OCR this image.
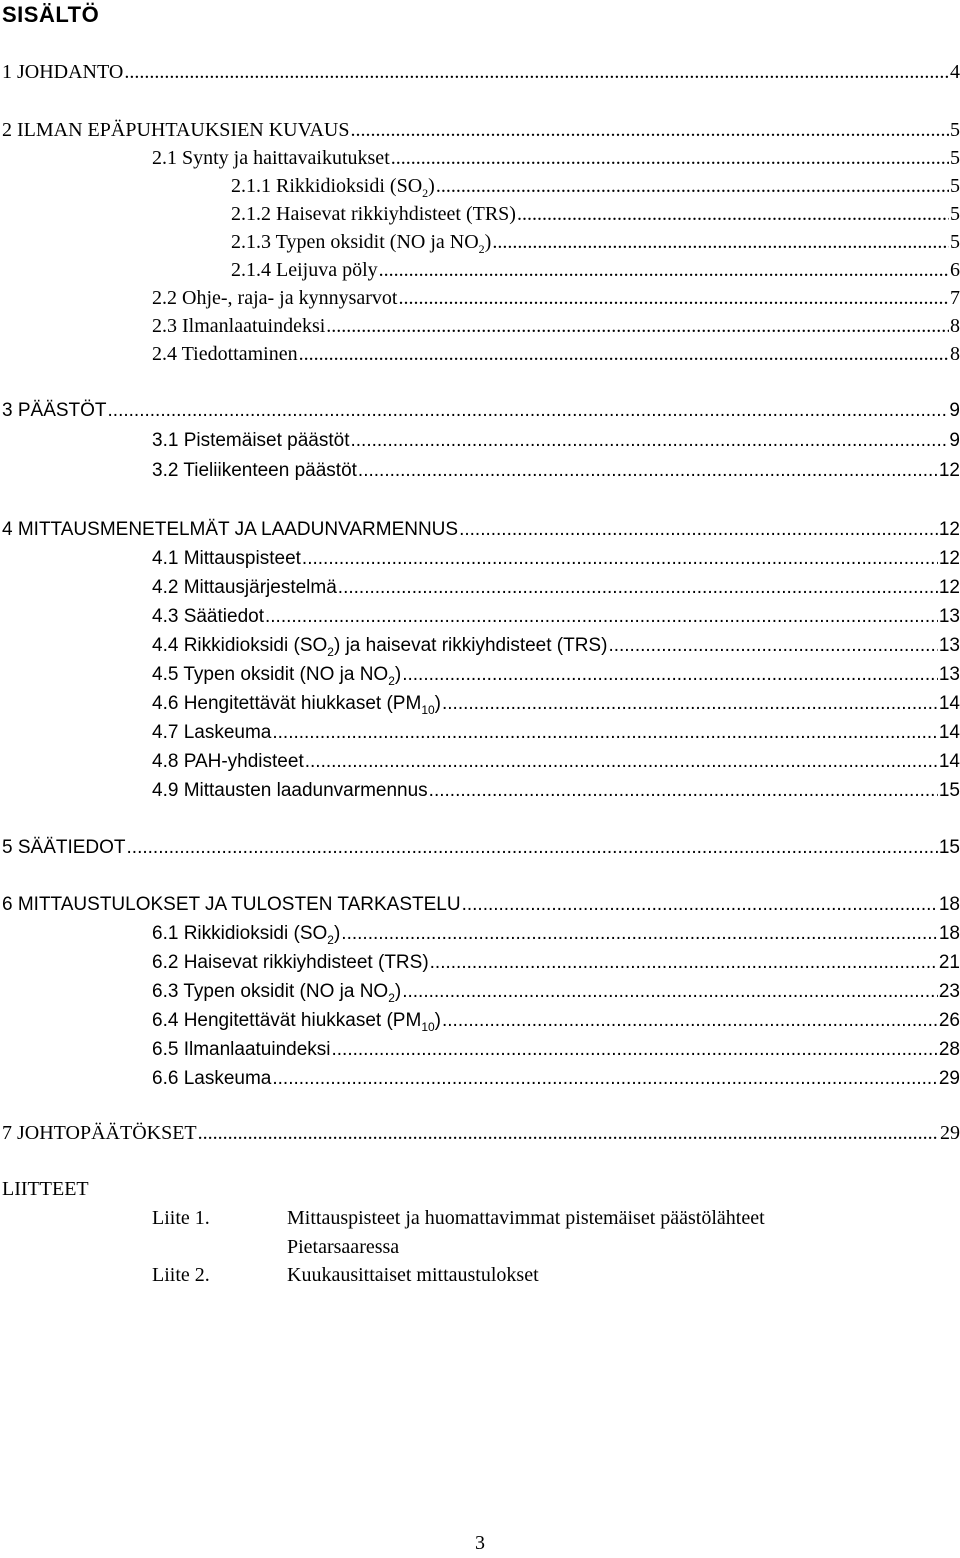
SISÄLTÖ
1 JOHDANTO .....	4
2 ILMAN EPÄPUHTAUKSIEN KUVAUS .....	5
2.1 Synty ja haittavaikutukset .....	5
2.1.1 Rikkidioksidi $(SO_2)$ .....	5
2.1.2 Haisevat rikkiyhdisteet (TRS) .....	5
2.1.3 Typen oksidit (NO ja $NO_2$) .....	5
2.1.4 Leijuva pöly .....	6
2.2 Ohje-, raja- ja kynnysarvot .....	7
2.3 Ilmanlaatuindeksi .....	8
2.4 Tiedottaminen .....	8
3 PÄÄSTÖT .....	9
3.1 Pistemäiset päästöt .....	9
3.2 Tieliikenteen päästöt .....	12
4 MITTAUSMENETELMÄT JA LAADUNVARMENNUS .....	12
4.1 Mittauspisteet .....	12
4.2 Mittausjärjestelmä .....	12
4.3 Säätiedot .....	13
4.4 Rikkidioksidi $(SO_2)$ ja haisevat rikkiyhdisteet (TRS) .....	13
4.5 Typen oksidit (NO ja $NO_2$) .....	13
4.6 Hengitettävät hiukkaset $(PM_{10})$ .....	14
4.7 Laskeuma .....	14
4.8 PAH-yhdisteet .....	14
4.9 Mittausten laadunvarmennus .....	15
5 SÄÄTIEDOT .....	15
6 MITTAUSTULOKSET JA TULOSTEN TARKASTELU .....	18
6.1 Rikkidioksidi $(SO_2)$ .....	18
6.2 Haisevat rikkiyhdisteet (TRS) .....	21
6.3 Typen oksidit (NO ja $NO_2$) .....	23
6.4 Hengitettävät hiukkaset $(PM_{10})$ .....	26
6.5 Ilmanlaatuindeksi .....	28
6.6 Laskeuma .....	29
7 JOHTOPÄÄTÖKSET .....	29
LIITTEET
Liite 1.	Mittauspisteet ja huomattavimmat pistemäiset päästölähteet
Pietarsaaressa
Liite 2.	Kuukausittaiset mittaustulokset
3
